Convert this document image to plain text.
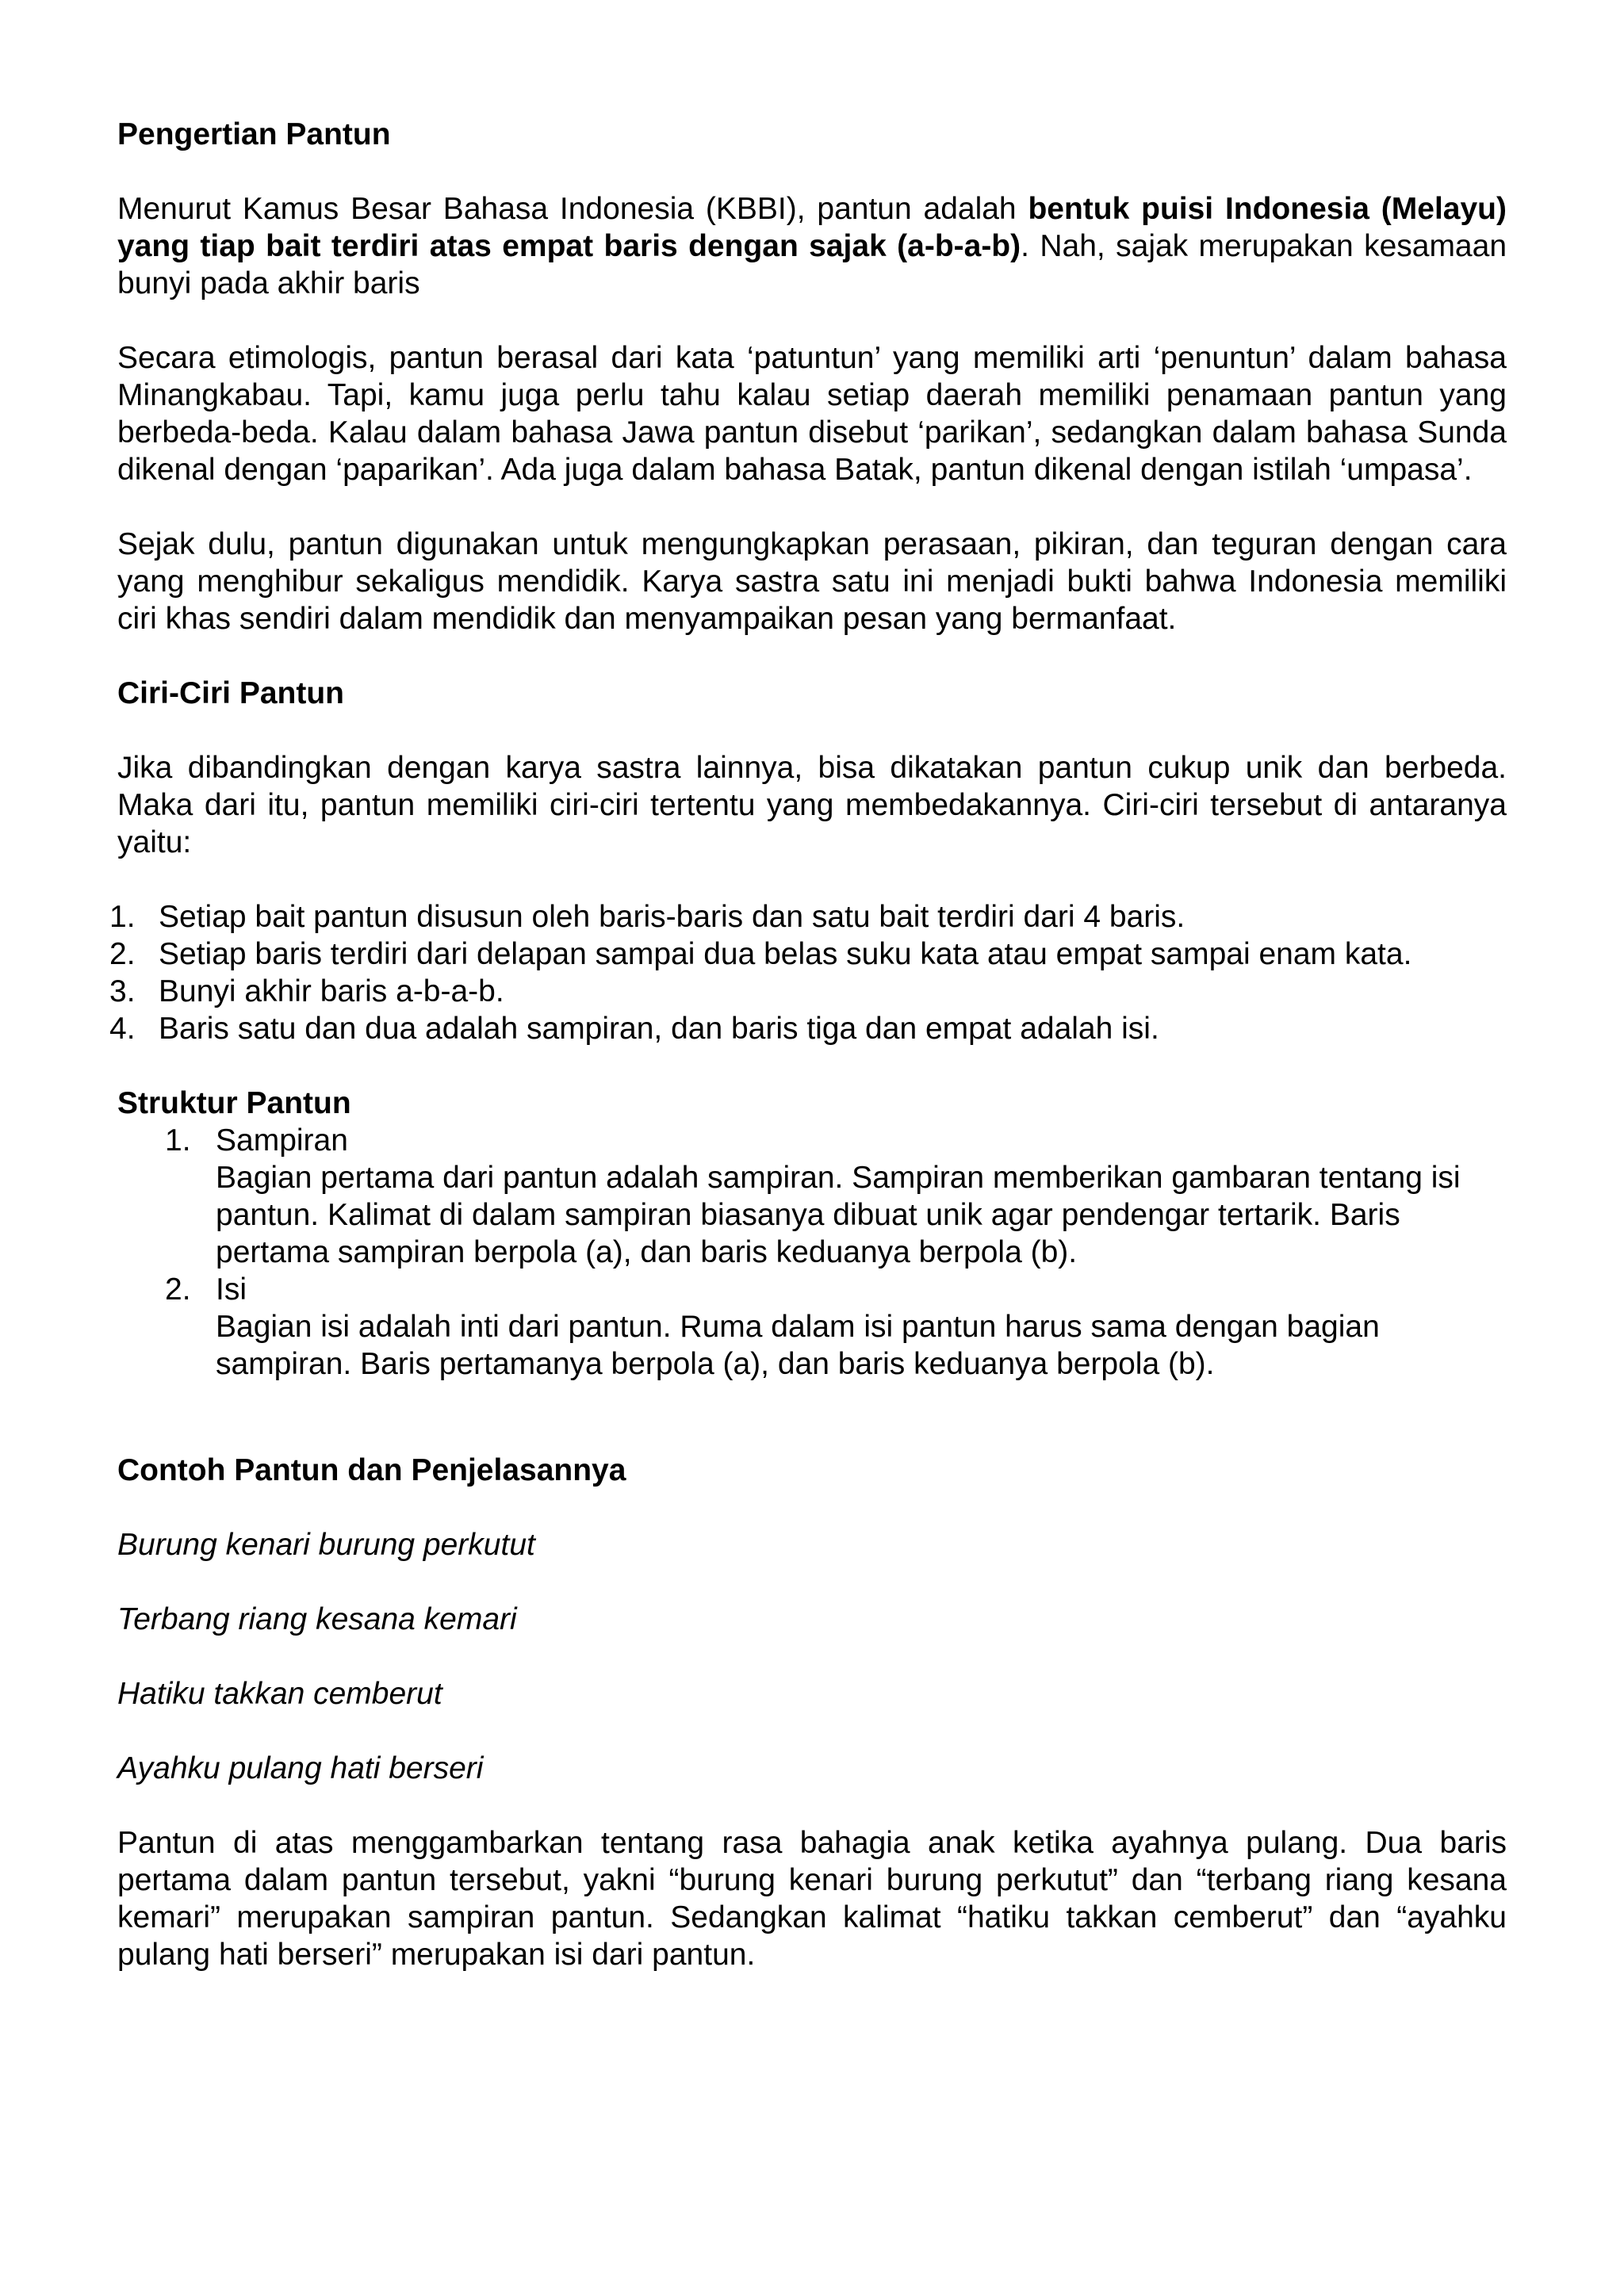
Pengertian Pantun

Menurut Kamus Besar Bahasa Indonesia (KBBI), pantun adalah bentuk puisi Indonesia (Melayu) yang tiap bait terdiri atas empat baris dengan sajak (a-b-a-b). Nah, sajak merupakan kesamaan bunyi pada akhir baris

Secara etimologis, pantun berasal dari kata ‘patuntun’ yang memiliki arti ‘penuntun’ dalam bahasa Minangkabau. Tapi, kamu juga perlu tahu kalau setiap daerah memiliki penamaan pantun yang berbeda-beda. Kalau dalam bahasa Jawa pantun disebut ‘parikan’, sedangkan dalam bahasa Sunda dikenal dengan ‘paparikan’. Ada juga dalam bahasa Batak, pantun dikenal dengan istilah ‘umpasa’.

Sejak dulu, pantun digunakan untuk mengungkapkan perasaan, pikiran, dan teguran dengan cara yang menghibur sekaligus mendidik. Karya sastra satu ini menjadi bukti bahwa Indonesia memiliki ciri khas sendiri dalam mendidik dan menyampaikan pesan yang bermanfaat.

Ciri-Ciri Pantun

Jika dibandingkan dengan karya sastra lainnya, bisa dikatakan pantun cukup unik dan berbeda. Maka dari itu, pantun memiliki ciri-ciri tertentu yang membedakannya. Ciri-ciri tersebut di antaranya yaitu:

1. Setiap bait pantun disusun oleh baris-baris dan satu bait terdiri dari 4 baris.
2. Setiap baris terdiri dari delapan sampai dua belas suku kata atau empat sampai enam kata.
3. Bunyi akhir baris a-b-a-b.
4. Baris satu dan dua adalah sampiran, dan baris tiga dan empat adalah isi.

Struktur Pantun

1. Sampiran
Bagian pertama dari pantun adalah sampiran. Sampiran memberikan gambaran tentang isi pantun. Kalimat di dalam sampiran biasanya dibuat unik agar pendengar tertarik. Baris pertama sampiran berpola (a), dan baris keduanya berpola (b).
2. Isi
Bagian isi adalah inti dari pantun. Ruma dalam isi pantun harus sama dengan bagian sampiran. Baris pertamanya berpola (a), dan baris keduanya berpola (b).

Contoh Pantun dan Penjelasannya

Burung kenari burung perkutut

Terbang riang kesana kemari

Hatiku takkan cemberut

Ayahku pulang hati berseri

Pantun di atas menggambarkan tentang rasa bahagia anak ketika ayahnya pulang. Dua baris pertama dalam pantun tersebut, yakni “burung kenari burung perkutut” dan “terbang riang kesana kemari” merupakan sampiran pantun. Sedangkan kalimat “hatiku takkan cemberut” dan “ayahku pulang hati berseri” merupakan isi dari pantun.
